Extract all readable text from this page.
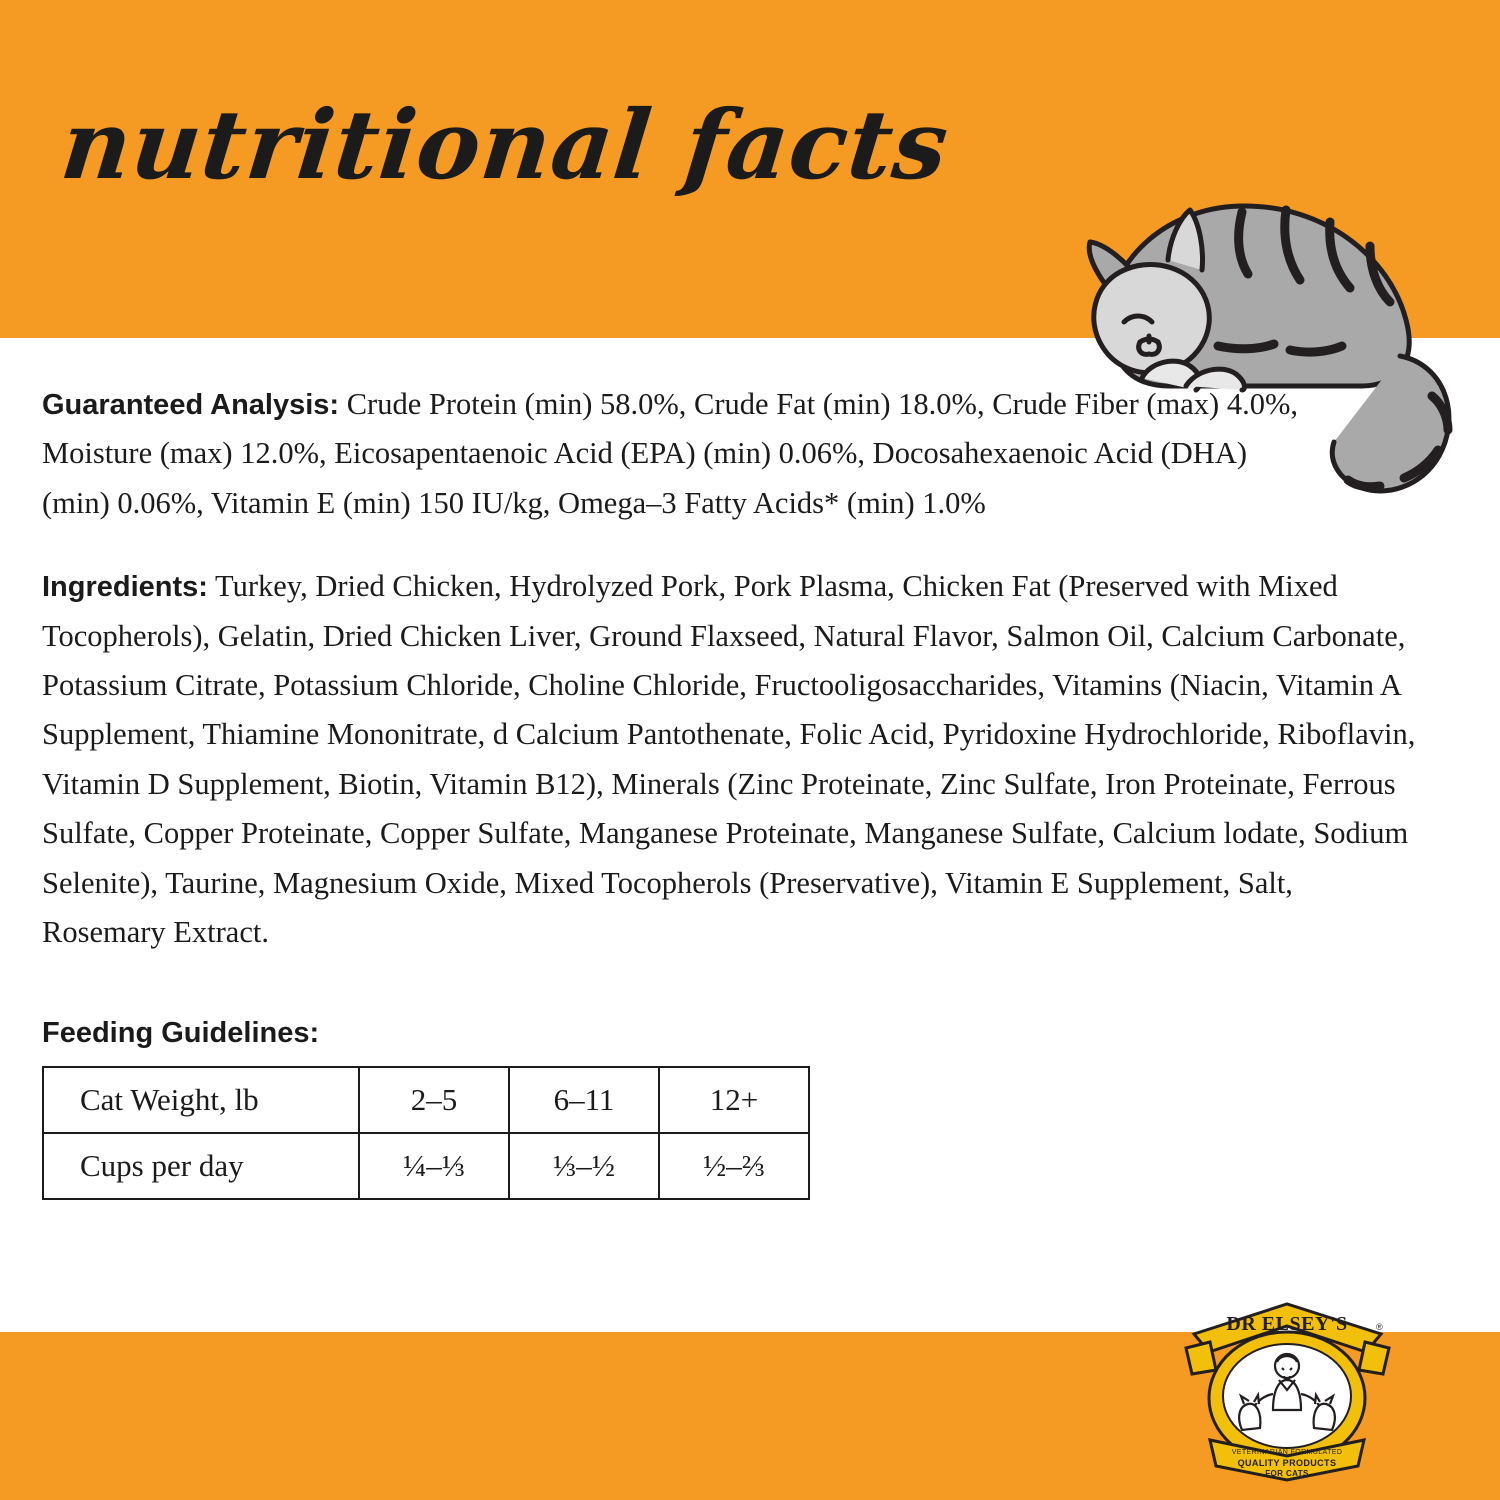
nutritional facts
Guaranteed Analysis: Crude Protein (min) 58.0%, Crude Fat (min) 18.0%, Crude Fiber (max) 4.0%, Moisture (max) 12.0%, Eicosapentaenoic Acid (EPA) (min) 0.06%, Docosahexaenoic Acid (DHA)(min) 0.06%, Vitamin E (min) 150 IU/kg, Omega–3 Fatty Acids* (min) 1.0%
Ingredients: Turkey, Dried Chicken, Hydrolyzed Pork, Pork Plasma, Chicken Fat (Preserved with Mixed Tocopherols), Gelatin, Dried Chicken Liver, Ground Flaxseed, Natural Flavor, Salmon Oil, Calcium Carbonate, Potassium Citrate, Potassium Chloride, Choline Chloride, Fructooligosaccharides, Vitamins (Niacin, Vitamin A Supplement, Thiamine Mononitrate, d Calcium Pantothenate, Folic Acid, Pyridoxine Hydrochloride, Riboflavin, Vitamin D Supplement, Biotin, Vitamin B12), Minerals (Zinc Proteinate, Zinc Sulfate, Iron Proteinate, Ferrous Sulfate, Copper Proteinate, Copper Sulfate, Manganese Proteinate, Manganese Sulfate, Calcium lodate, Sodium Selenite), Taurine, Magnesium Oxide, Mixed Tocopherols (Preservative), Vitamin E Supplement, Salt, Rosemary Extract.
Feeding Guidelines:
Cat Weight, lb	2–5	6–11	12+
Cups per day	¼–⅓	⅓–½	½–⅔
DR ELSEY'S	®
VETERINARIAN FORMULATED
QUALITY PRODUCTS
FOR CATS
